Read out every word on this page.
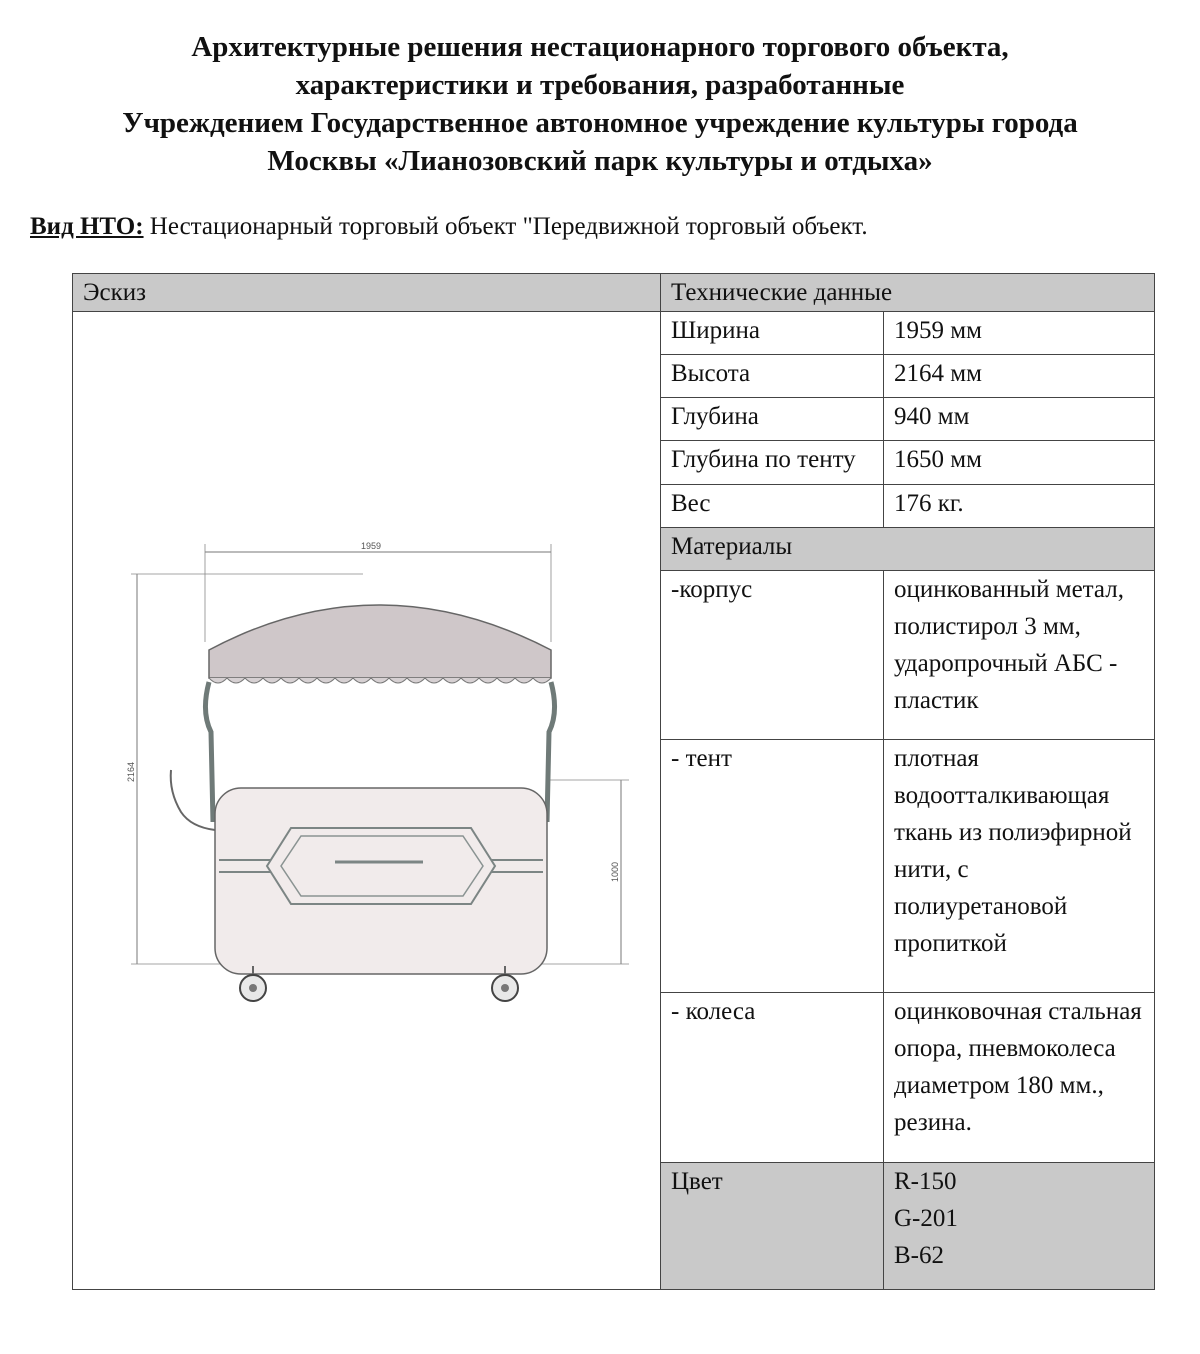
Архитектурные решения нестационарного торгового объекта,
характеристики и требования, разработанные
Учреждением Государственное автономное учреждение культуры города
Москвы «Лианозовский парк культуры и отдыха»
Вид НТО: Нестационарный торговый объект "Передвижной торговый объект.
Эскиз	Технические данные	

1959
2164
1000	Ширина	1959 мм
	Высота	2164 мм
	Глубина	940 мм
	Глубина по тенту	1650 мм
	Вес	176 кг.
	Материалы	
	-корпус	оцинкованный метал, полистирол 3 мм, ударопрочный АБС - пластик
	- тент	плотная водоотталкивающая ткань из полиэфирной нити, с полиуретановой пропиткой
	- колеса	оцинковочная стальная опора, пневмоколеса диаметром 180 мм., резина.
	Цвет	R-150
G-201
B-62
